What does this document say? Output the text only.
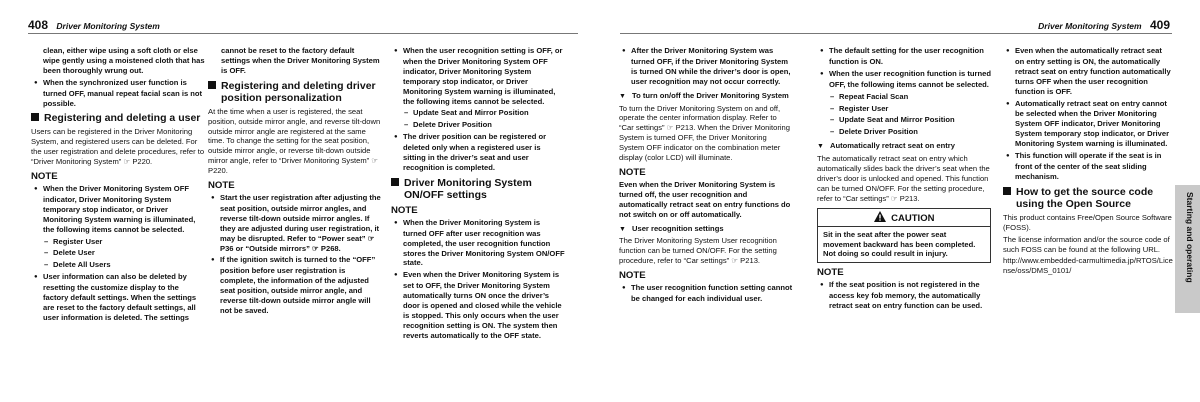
408 Driver Monitoring System	Driver Monitoring System 409

clean, either wipe using a soft cloth or else wipe gently using a moistened cloth that has been thoroughly wrung out.

● When the synchronized user function is turned OFF, manual repeat facial scan is not possible.

Registering and deleting a user

Users can be registered in the Driver Monitoring System, and registered users can be deleted. For the user registration and delete procedures, refer to “Driver Monitoring System” ☞ P220.

NOTE

● When the Driver Monitoring System OFF indicator, Driver Monitoring System temporary stop indicator, or Driver Monitoring System warning is illuminated, the following items cannot be selected.

– Register User

– Delete User

– Delete All Users

● User information can also be deleted by resetting the customize display to the factory default settings. When the settings are reset to the factory default settings, all user information is deleted. The settings

cannot be reset to the factory default settings when the Driver Monitoring System is OFF.

Registering and deleting driver position personalization

At the time when a user is registered, the seat position, outside mirror angle, and reverse tilt-down outside mirror angle are registered at the same time. To change the setting for the seat position, outside mirror angle, or reverse tilt-down outside mirror angle, refer to “Driver Monitoring System” ☞ P220.

NOTE

● Start the user registration after adjusting the seat position, outside mirror angles, and reverse tilt-down outside mirror angles. If they are adjusted during user registration, it may be disrupted. Refer to “Power seat” ☞ P36 or “Outside mirrors” ☞ P268.

● If the ignition switch is turned to the “OFF” position before user registration is complete, the information of the adjusted seat position, outside mirror angle, and reverse tilt-down outside mirror angle will not be saved.

● When the user recognition setting is OFF, or when the Driver Monitoring System OFF indicator, Driver Monitoring System temporary stop indicator, or Driver Monitoring System warning is illuminated, the following items cannot be selected.

– Update Seat and Mirror Position

– Delete Driver Position

● The driver position can be registered or deleted only when a registered user is sitting in the driver’s seat and user recognition is completed.

Driver Monitoring System ON/OFF settings
NOTE

● When the Driver Monitoring System is turned OFF after user recognition was completed, the user recognition function stores the Driver Monitoring System ON/OFF state.

● Even when the Driver Monitoring System is set to OFF, the Driver Monitoring System automatically turns ON once the driver’s door is opened and closed while the vehicle is stopped. This only occurs when the user recognition setting is ON. The system then reverts automatically to the OFF state.

● After the Driver Monitoring System was turned OFF, if the Driver Monitoring System is turned ON while the driver’s door is open, user recognition may not occur correctly.

▼ To turn on/off the Driver Monitoring System

To turn the Driver Monitoring System on and off, operate the center information display. Refer to “Car settings” ☞ P213. When the Driver Monitoring System is turned OFF, the Driver Monitoring System OFF indicator on the combination meter display (color LCD) will illuminate.

NOTE

Even when the Driver Monitoring System is turned off, the user recognition and automatically retract seat on entry functions do not switch on or off automatically.

▼ User recognition settings

The Driver Monitoring System User recognition function can be turned ON/OFF. For the setting procedure, refer to “Car settings” ☞ P213.

NOTE

● The user recognition function setting cannot be changed for each individual user.

● The default setting for the user recognition function is ON.

● When the user recognition function is turned OFF, the following items cannot be selected.

– Repeat Facial Scan

– Register User

– Update Seat and Mirror Position

– Delete Driver Position

▼ Automatically retract seat on entry

The automatically retract seat on entry which automatically slides back the driver’s seat when the driver’s door is unlocked and opened. This function can be turned ON/OFF. For the setting procedure, refer to “Car settings” ☞ P213.

CAUTION
Sit in the seat after the power seat movement backward has been completed. Not doing so could result in injury.
NOTE

● If the seat position is not registered in the access key fob memory, the automatically retract seat on entry function can be used.

● Even when the automatically retract seat on entry setting is ON, the automatically retract seat on entry function automatically turns OFF when the user recognition function is OFF.

● Automatically retract seat on entry cannot be selected when the Driver Monitoring System OFF indicator, Driver Monitoring System temporary stop indicator, or Driver Monitoring System warning is illuminated.

● This function will operate if the seat is in front of the center of the seat sliding mechanism.

How to get the source code using the Open Source

This product contains Free/Open Source Software (FOSS).

The license information and/or the source code of such FOSS can be found at the following URL.

http://www.embedded-carmultimedia.jp/RTOS/License/oss/DMS_0101/	Starting and operating
